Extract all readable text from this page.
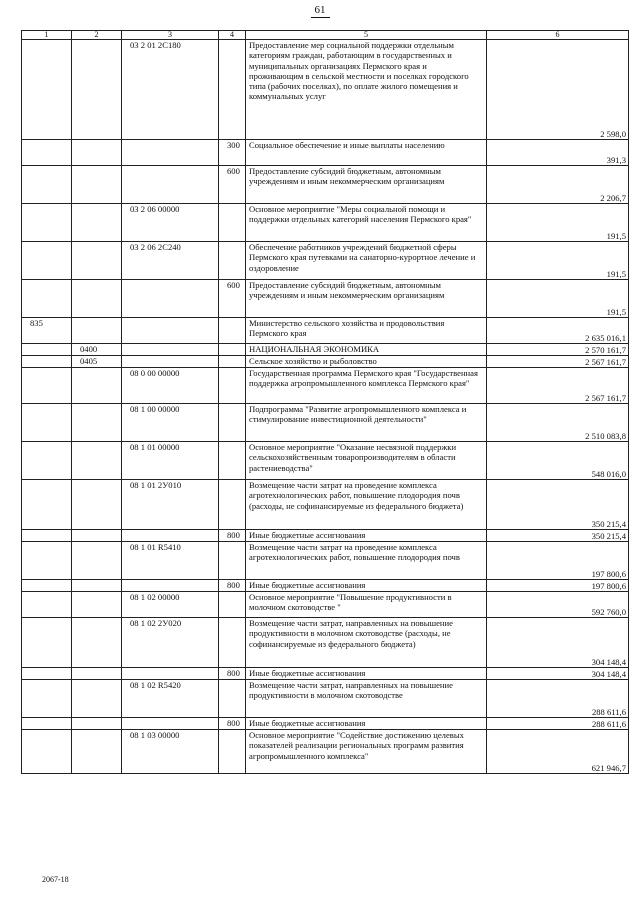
61
1	2	3	4	5	6
		03 2 01 2С180		Предоставление мер социальной поддержки отдельным категориям граждан, работающим в государственных и муниципальных организациях Пермского края и проживающим в сельской местности и поселках городского типа (рабочих поселках), по оплате жилого помещения и коммунальных услуг	2 598,0
			300	Социальное обеспечение и иные выплаты населению	391,3
			600	Предоставление субсидий бюджетным, автономным учреждениям и иным некоммерческим организациям	2 206,7
		03 2 06 00000		Основное мероприятие "Меры социальной помощи и поддержки отдельных категорий населения Пермского края"	191,5
		03 2 06 2С240		Обеспечение работников учреждений бюджетной сферы Пермского края путевками на санаторно-курортное лечение и оздоровление	191,5
			600	Предоставление субсидий бюджетным, автономным учреждениям и иным некоммерческим организациям	191,5
835				Министерство сельского хозяйства и продовольствия Пермского края	2 635 016,1
	0400			НАЦИОНАЛЬНАЯ ЭКОНОМИКА	2 570 161,7
	0405			Сельское хозяйство и рыболовство	2 567 161,7
		08 0 00 00000		Государственная программа Пермского края "Государственная поддержка агропромышленного комплекса Пермского края"	2 567 161,7
		08 1 00 00000		Подпрограмма "Развитие агропромышленного комплекса и стимулирование инвестиционной деятельности"	2 510 083,8
		08 1 01 00000		Основное мероприятие "Оказание несвязной поддержки сельскохозяйственным товаропроизводителям в области растениеводства"	548 016,0
		08 1 01 2У010		Возмещение части затрат на проведение комплекса агротехнологических работ, повышение плодородия почв (расходы, не софинансируемые из федерального бюджета)	350 215,4
			800	Иные бюджетные ассигнования	350 215,4
		08 1 01 R5410		Возмещение части затрат на проведение комплекса агротехнологических работ, повышение плодородия почв	197 800,6
			800	Иные бюджетные ассигнования	197 800,6
		08 1 02 00000		Основное мероприятие "Повышение продуктивности в молочном скотоводстве "	592 760,0
		08 1 02 2У020		Возмещение части затрат, направленных на повышение продуктивности в молочном скотоводстве (расходы, не софинансируемые из федерального бюджета)	304 148,4
			800	Иные бюджетные ассигнования	304 148,4
		08 1 02 R5420		Возмещение части затрат, направленных на повышение продуктивности в молочном скотоводстве	288 611,6
			800	Иные бюджетные ассигнования	288 611,6
		08 1 03 00000		Основное мероприятие "Содействие достижению целевых показателей реализации региональных программ развития агропромышленного комплекса"	621 946,7
2067-18
